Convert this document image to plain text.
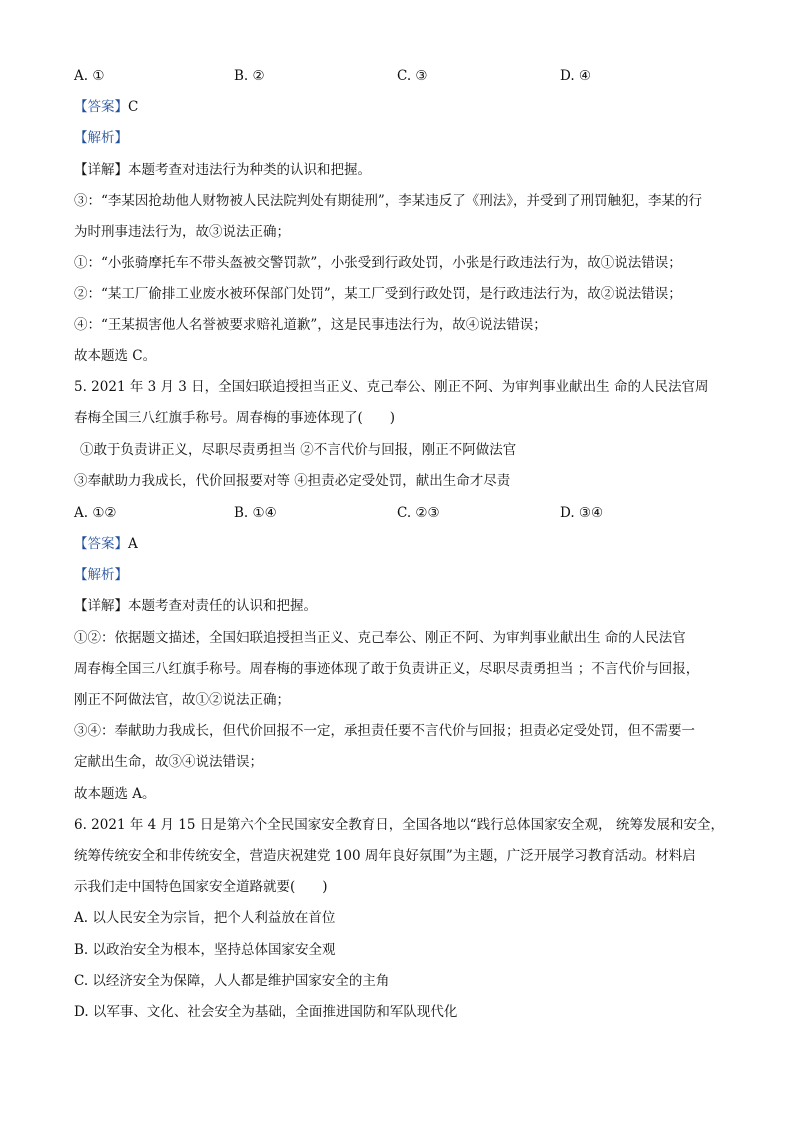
A. ①	B. ②	C. ③	D. ④
【答案】C
【解析】
【详解】本题考查对违法行为种类的认识和把握。
③：“李某因抢劫他人财物被人民法院判处有期徒刑”，李某违反了《刑法》，并受到了刑罚触犯，李某的行
为时刑事违法行为，故③说法正确；
①：“小张骑摩托车不带头盔被交警罚款”，小张受到行政处罚，小张是行政违法行为，故①说法错误；
②：“某工厂偷排工业废水被环保部门处罚”，某工厂受到行政处罚，是行政违法行为，故②说法错误；
④：“王某损害他人名誉被要求赔礼道歉”，这是民事违法行为，故④说法错误；
故本题选 C。
5. 2021 年 3 月 3 日，全国妇联追授担当正义、克己奉公、刚正不阿、为审判事业献出生 命的人民法官周
春梅全国三八红旗手称号。周春梅的事迹体现了(　　)
①敢于负责讲正义，尽职尽责勇担当 ②不言代价与回报，刚正不阿做法官
③奉献助力我成长，代价回报要对等 ④担责必定受处罚，献出生命才尽责
A. ①②	B. ①④	C. ②③	D. ③④
【答案】A
【解析】
【详解】本题考查对责任的认识和把握。
①②：依据题文描述，全国妇联追授担当正义、克己奉公、刚正不阿、为审判事业献出生 命的人民法官
周春梅全国三八红旗手称号。周春梅的事迹体现了敢于负责讲正义，尽职尽责勇担当 ；不言代价与回报，
刚正不阿做法官，故①②说法正确；
③④：奉献助力我成长，但代价回报不一定，承担责任要不言代价与回报；担责必定受处罚，但不需要一
定献出生命，故③④说法错误；
故本题选 A。
6. 2021 年 4 月 15 日是第六个全民国家安全教育日，全国各地以“践行总体国家安全观， 统筹发展和安全，
统筹传统安全和非传统安全，营造庆祝建党 100 周年良好氛围”为主题，广泛开展学习教育活动。材料启
示我们走中国特色国家安全道路就要(　　)
A. 以人民安全为宗旨，把个人利益放在首位
B. 以政治安全为根本，坚持总体国家安全观
C. 以经济安全为保障，人人都是维护国家安全的主角
D. 以军事、文化、社会安全为基础，全面推进国防和军队现代化
